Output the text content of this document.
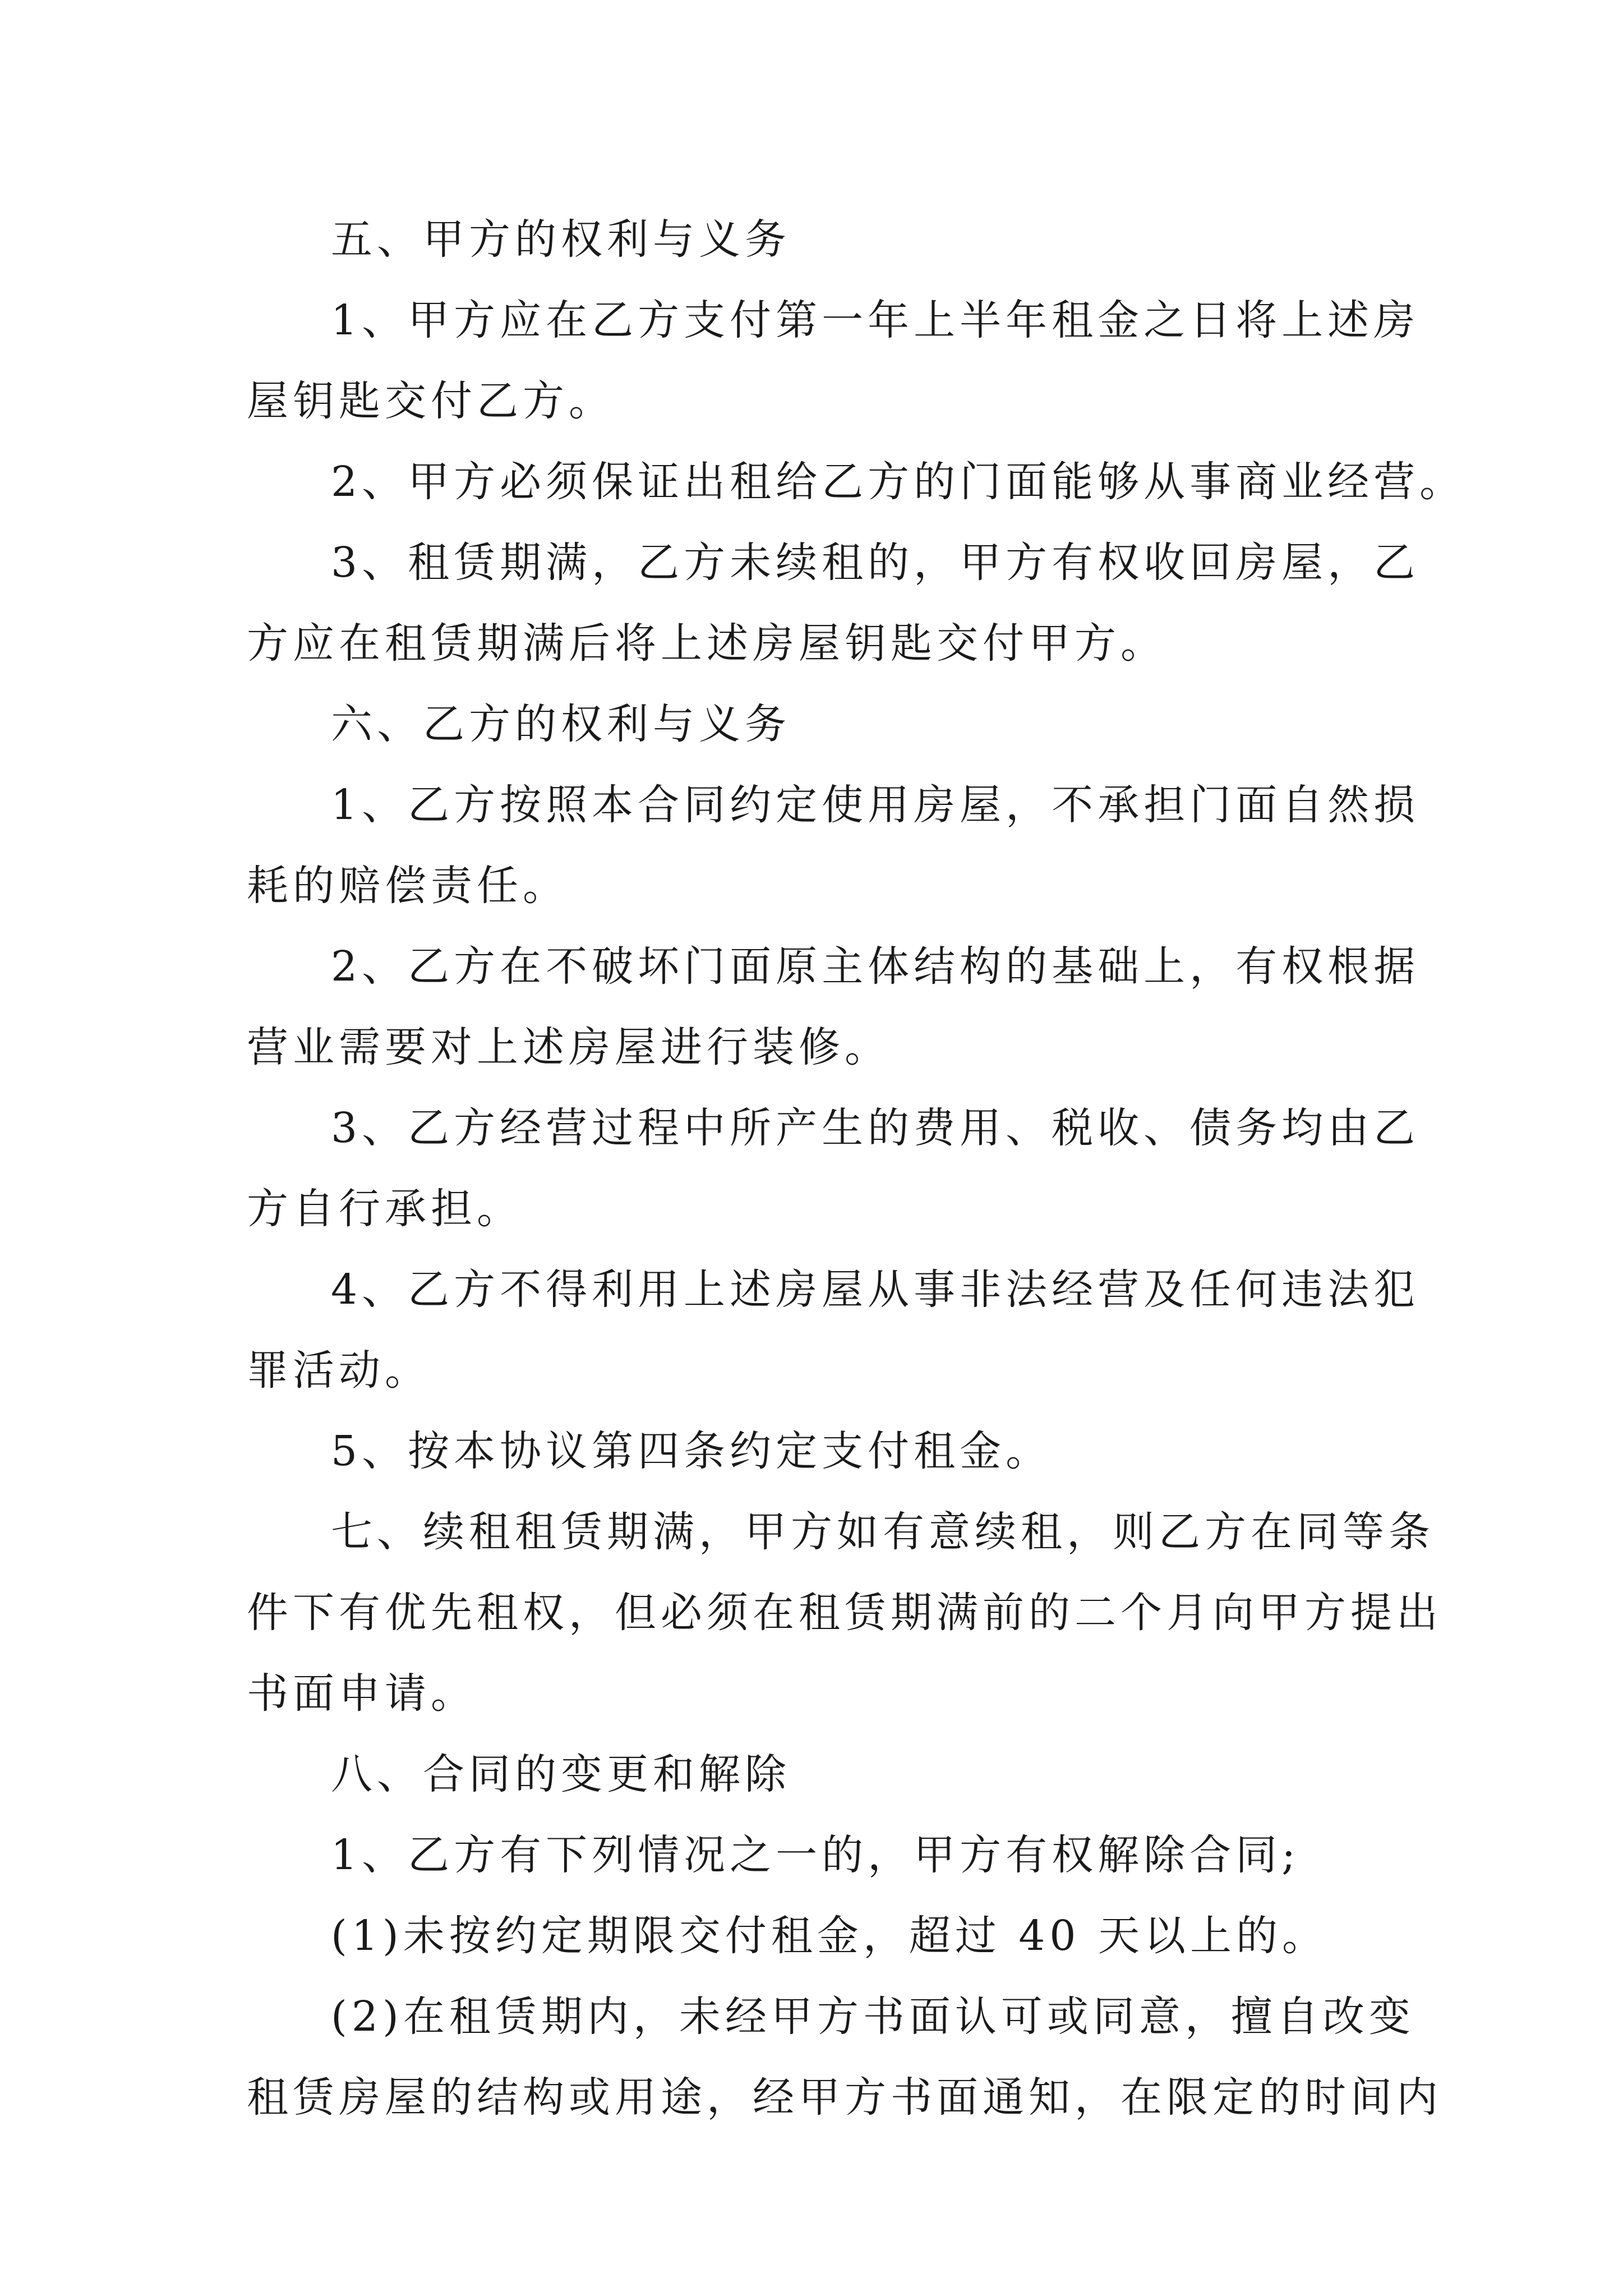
五、甲方的权利与义务
1、甲方应在乙方支付第一年上半年租金之日将上述房
屋钥匙交付乙方。
2、甲方必须保证出租给乙方的门面能够从事商业经营。
3、租赁期满，乙方未续租的，甲方有权收回房屋，乙
方应在租赁期满后将上述房屋钥匙交付甲方。
六、乙方的权利与义务
1、乙方按照本合同约定使用房屋，不承担门面自然损
耗的赔偿责任。
2、乙方在不破坏门面原主体结构的基础上，有权根据
营业需要对上述房屋进行装修。
3、乙方经营过程中所产生的费用、税收、债务均由乙
方自行承担。
4、乙方不得利用上述房屋从事非法经营及任何违法犯
罪活动。
5、按本协议第四条约定支付租金。
七、续租租赁期满，甲方如有意续租，则乙方在同等条
件下有优先租权，但必须在租赁期满前的二个月向甲方提出
书面申请。
八、合同的变更和解除
1、乙方有下列情况之一的，甲方有权解除合同;
(1)未按约定期限交付租金，超过 40 天以上的。
(2)在租赁期内，未经甲方书面认可或同意，擅自改变
租赁房屋的结构或用途，经甲方书面通知，在限定的时间内
